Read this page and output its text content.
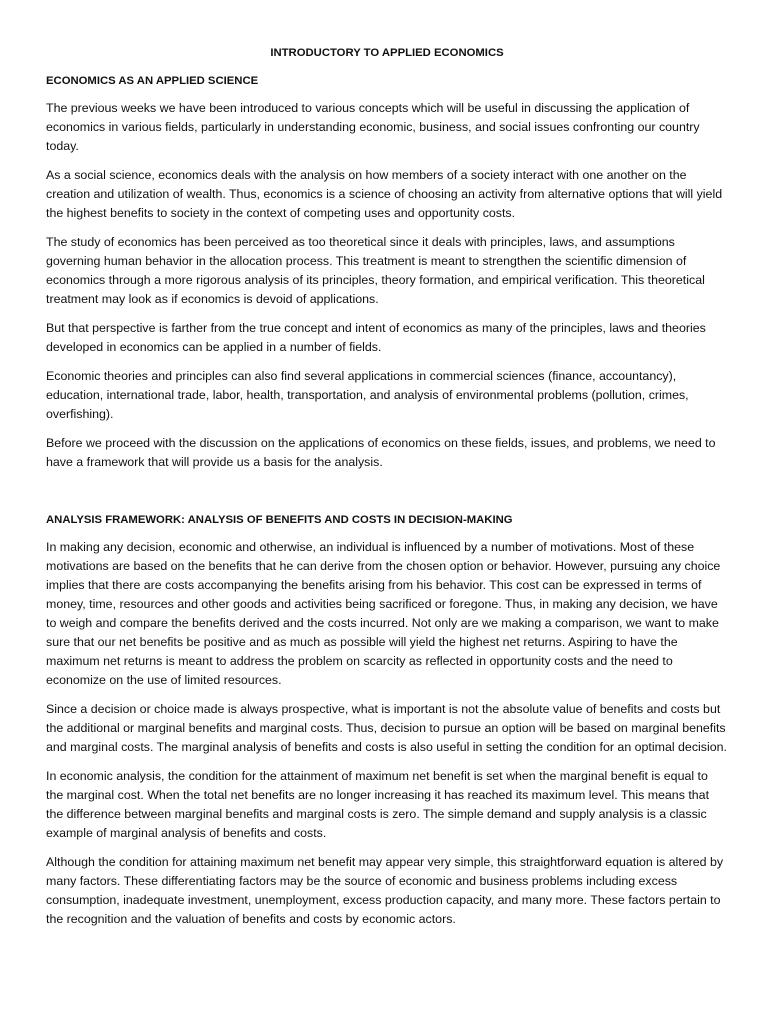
INTRODUCTORY TO APPLIED ECONOMICS
ECONOMICS AS AN APPLIED SCIENCE

The previous weeks we have been introduced to various concepts which will be useful in discussing the application of economics in various fields, particularly in understanding economic, business, and social issues confronting our country today.

As a social science, economics deals with the analysis on how members of a society interact with one another on the creation and utilization of wealth. Thus, economics is a science of choosing an activity from alternative options that will yield the highest benefits to society in the context of competing uses and opportunity costs.

The study of economics has been perceived as too theoretical since it deals with principles, laws, and assumptions governing human behavior in the allocation process. This treatment is meant to strengthen the scientific dimension of economics through a more rigorous analysis of its principles, theory formation, and empirical verification. This theoretical treatment may look as if economics is devoid of applications.

But that perspective is farther from the true concept and intent of economics as many of the principles, laws and theories developed in economics can be applied in a number of fields.

Economic theories and principles can also find several applications in commercial sciences (finance, accountancy), education, international trade, labor, health, transportation, and analysis of environmental problems (pollution, crimes, overfishing).

Before we proceed with the discussion on the applications of economics on these fields, issues, and problems, we need to have a framework that will provide us a basis for the analysis.

ANALYSIS FRAMEWORK: ANALYSIS OF BENEFITS AND COSTS IN DECISION-MAKING

In making any decision, economic and otherwise, an individual is influenced by a number of motivations. Most of these motivations are based on the benefits that he can derive from the chosen option or behavior. However, pursuing any choice implies that there are costs accompanying the benefits arising from his behavior. This cost can be expressed in terms of money, time, resources and other goods and activities being sacrificed or foregone. Thus, in making any decision, we have to weigh and compare the benefits derived and the costs incurred. Not only are we making a comparison, we want to make sure that our net benefits be positive and as much as possible will yield the highest net returns. Aspiring to have the maximum net returns is meant to address the problem on scarcity as reflected in opportunity costs and the need to economize on the use of limited resources.

Since a decision or choice made is always prospective, what is important is not the absolute value of benefits and costs but the additional or marginal benefits and marginal costs. Thus, decision to pursue an option will be based on marginal benefits and marginal costs. The marginal analysis of benefits and costs is also useful in setting the condition for an optimal decision.

In economic analysis, the condition for the attainment of maximum net benefit is set when the marginal benefit is equal to the marginal cost. When the total net benefits are no longer increasing it has reached its maximum level. This means that the difference between marginal benefits and marginal costs is zero. The simple demand and supply analysis is a classic example of marginal analysis of benefits and costs.

Although the condition for attaining maximum net benefit may appear very simple, this straightforward equation is altered by many factors. These differentiating factors may be the source of economic and business problems including excess consumption, inadequate investment, unemployment, excess production capacity, and many more. These factors pertain to the recognition and the valuation of benefits and costs by economic actors.
